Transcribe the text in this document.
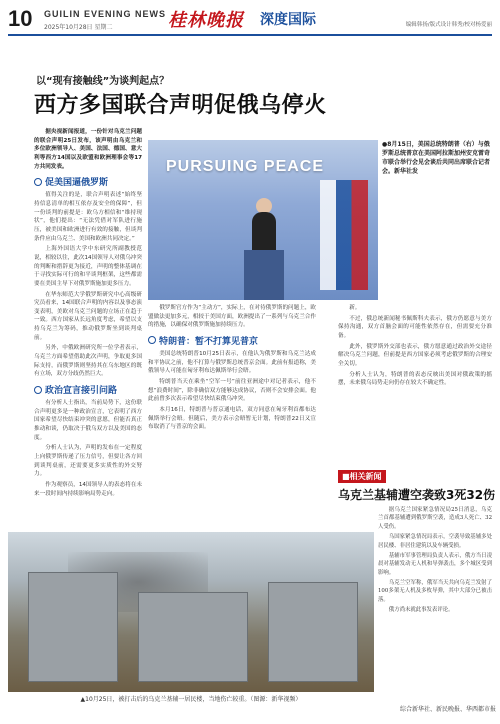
10 GUILIN EVENING NEWS
2025年10月28日 星期二	桂林晚报 深度国际	编辑韩扬/版式设计韩秀/校对杨爱丽
以“现有接触线”为谈判起点？
西方多国联合声明促俄乌停火

据央视新闻报道，一份针对乌克兰问题的联合声明25日发布，该声明由乌克兰和多位欧洲领导人、美国、法国、德国、意大利等西方14国以及欧盟和欧洲理事会等17方共同发表。

促美国逼俄罗斯

值得关注的是，联合声明表述“始终坚持信息清单的相互依存及安全的保障”，但一份谈判的前提是：欧乌方相信和“维持现状”，他们提出：“无法凭借对军队进行施压，被美国和欧洲进行有效的接触，但谈判条件应由乌克兰、美国和欧洲共同决定。”

上海外国语大学中东研究所副教授范说，相较以往，此次14国领导人对俄乌冲突的判断和措辞更为接近，声明的整体基调在于寻找实际可行的和平谈判框架，这些都需要在美国主导下对俄罗斯施加更多压力。

在华东师范大学俄罗斯研究中心高级研究员看来，14国联合声明的内容以及事态演变表明，美欧对乌克兰问题的立场正在趋于一致。西方国家从长远角度考虑，希望以支持乌克兰为筹码，推动俄罗斯坐到谈判桌前。

另外，中俄欧洲研究所一位学者表示，乌克兰方面希望借助此次声明，争取更多国际支持，而俄罗斯则坚持其在乌东地区的既有立场，双方分歧仍然巨大。

政治宣言接引问路

有分析人士指出，当前局势下，这份联合声明更多是一种政治宣言，它表明了西方国家希望尽快结束冲突的意愿，但能否真正推动和谈，仍取决于俄乌双方以及美国的态度。

分析人士认为，声明的发布在一定程度上向俄罗斯传递了压力信号，但要让各方回到谈判桌前，还需要更多实质性的外交努力。

作为观察员，14国领导人的表态将在未来一段时间内持续影响局势走向。

PURSUING PEACE
●8月15日，美国总统特朗普（右）与俄罗斯总统普京在美国阿拉斯加州安克雷奇市联合举行会见会谈后共同出席联合记者会。新华社发

俄罗斯官方作为“主动方”，实际上，在对待俄罗斯的问题上，欧盟做法更加多元，相较于美国方面，欧洲提出了一系列与乌克兰合作的措施，以确保对俄罗斯施加持续压力。

特朗普：暂不打算见普京

美国总统特朗普10月25日表示，在他认为俄罗斯和乌克兰达成和平协议之前，他不打算与俄罗斯总统普京会面。此前有报道称，美俄领导人可能在匈牙利布达佩斯举行会晤。

特朗普当天在乘坐“空军一号”前往亚洲途中对记者表示，他不想“浪费时间”，除非确信双方能够达成协议，否则不会安排会面。他此前曾多次表示希望尽快结束俄乌冲突。

本月16日，特朗普与普京通电话，双方同意在匈牙利首都布达佩斯举行会晤。但随后，美方表示会晤暂无计划，特朗普22日又宣布取消了与普京的会面。

新。

不过，俄总统新闻秘书佩斯科夫表示，俄方仍愿意与美方保持沟通，双方首脑会面的可能性依然存在，但需要充分准备。

此外，俄罗斯外交部也表示，俄方愿意通过政治外交途径解决乌克兰问题，但前提是西方国家必须考虑俄罗斯的合理安全关切。

分析人士认为，特朗普的表态反映出美国对俄政策的摇摆，未来俄乌局势走向仍存在较大不确定性。

■相关新闻
乌克兰基辅遭空袭致3死32伤

据乌克兰国家紧急情况局25日消息，乌克兰首都基辅遭到俄罗斯空袭，造成3人死亡、32人受伤。

乌国家紧急情况局表示，空袭导致基辅多处居民楼、非居住建筑以及车辆受损。

基辅市军事管理局负责人表示，俄方当日凌晨对基辅发动无人机和导弹袭击，多个城区受到影响。

乌克兰空军称，俄军当天共向乌克兰发射了100多架无人机及多枚导弹，其中大部分已被击落。

俄方尚未就此事发表评论。

▲10月25日，被打击后的乌克兰基辅一居民楼，当地伤亡较重。（图源：新华视频）
综合新华社、新民晚报、华西都市报
